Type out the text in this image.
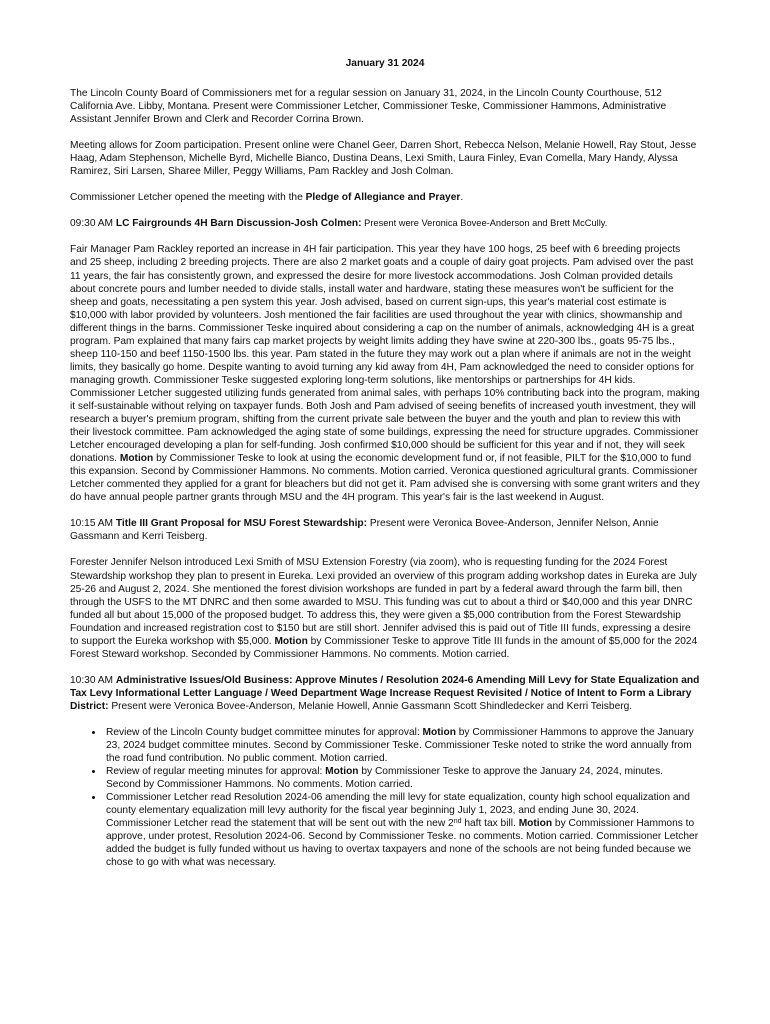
January 31 2024

The Lincoln County Board of Commissioners met for a regular session on January 31, 2024, in the Lincoln County Courthouse, 512 California Ave. Libby, Montana. Present were Commissioner Letcher, Commissioner Teske, Commissioner Hammons, Administrative Assistant Jennifer Brown and Clerk and Recorder Corrina Brown.

Meeting allows for Zoom participation. Present online were Chanel Geer, Darren Short, Rebecca Nelson, Melanie Howell, Ray Stout, Jesse Haag, Adam Stephenson, Michelle Byrd, Michelle Bianco, Dustina Deans, Lexi Smith, Laura Finley, Evan Comella, Mary Handy, Alyssa Ramirez, Siri Larsen, Sharee Miller, Peggy Williams, Pam Rackley and Josh Colman.

Commissioner Letcher opened the meeting with the Pledge of Allegiance and Prayer.

09:30 AM LC Fairgrounds 4H Barn Discussion-Josh Colmen: Present were Veronica Bovee-Anderson and Brett McCully.

Fair Manager Pam Rackley reported an increase in 4H fair participation. This year they have 100 hogs, 25 beef with 6 breeding projects and 25 sheep, including 2 breeding projects. There are also 2 market goats and a couple of dairy goat projects. Pam advised over the past 11 years, the fair has consistently grown, and expressed the desire for more livestock accommodations. Josh Colman provided details about concrete pours and lumber needed to divide stalls, install water and hardware, stating these measures won't be sufficient for the sheep and goats, necessitating a pen system this year. Josh advised, based on current sign-ups, this year's material cost estimate is $10,000 with labor provided by volunteers. Josh mentioned the fair facilities are used throughout the year with clinics, showmanship and different things in the barns. Commissioner Teske inquired about considering a cap on the number of animals, acknowledging 4H is a great program. Pam explained that many fairs cap market projects by weight limits adding they have swine at 220-300 lbs., goats 95-75 lbs., sheep 110-150 and beef 1150-1500 lbs. this year. Pam stated in the future they may work out a plan where if animals are not in the weight limits, they basically go home. Despite wanting to avoid turning any kid away from 4H, Pam acknowledged the need to consider options for managing growth. Commissioner Teske suggested exploring long-term solutions, like mentorships or partnerships for 4H kids. Commissioner Letcher suggested utilizing funds generated from animal sales, with perhaps 10% contributing back into the program, making it self-sustainable without relying on taxpayer funds. Both Josh and Pam advised of seeing benefits of increased youth investment, they will research a buyer's premium program, shifting from the current private sale between the buyer and the youth and plan to review this with their livestock committee. Pam acknowledged the aging state of some buildings, expressing the need for structure upgrades. Commissioner Letcher encouraged developing a plan for self-funding. Josh confirmed $10,000 should be sufficient for this year and if not, they will seek donations. Motion by Commissioner Teske to look at using the economic development fund or, if not feasible, PILT for the $10,000 to fund this expansion. Second by Commissioner Hammons. No comments. Motion carried. Veronica questioned agricultural grants. Commissioner Letcher commented they applied for a grant for bleachers but did not get it. Pam advised she is conversing with some grant writers and they do have annual people partner grants through MSU and the 4H program. This year's fair is the last weekend in August.

10:15 AM Title III Grant Proposal for MSU Forest Stewardship: Present were Veronica Bovee-Anderson, Jennifer Nelson, Annie Gassmann and Kerri Teisberg.

Forester Jennifer Nelson introduced Lexi Smith of MSU Extension Forestry (via zoom), who is requesting funding for the 2024 Forest Stewardship workshop they plan to present in Eureka. Lexi provided an overview of this program adding workshop dates in Eureka are July 25-26 and August 2, 2024. She mentioned the forest division workshops are funded in part by a federal award through the farm bill, then through the USFS to the MT DNRC and then some awarded to MSU. This funding was cut to about a third or $40,000 and this year DNRC funded all but about 15,000 of the proposed budget. To address this, they were given a $5,000 contribution from the Forest Stewardship Foundation and increased registration cost to $150 but are still short. Jennifer advised this is paid out of Title III funds, expressing a desire to support the Eureka workshop with $5,000. Motion by Commissioner Teske to approve Title III funds in the amount of $5,000 for the 2024 Forest Steward workshop. Seconded by Commissioner Hammons. No comments. Motion carried.

10:30 AM Administrative Issues/Old Business: Approve Minutes / Resolution 2024-6 Amending Mill Levy for State Equalization and Tax Levy Informational Letter Language / Weed Department Wage Increase Request Revisited / Notice of Intent to Form a Library District: Present were Veronica Bovee-Anderson, Melanie Howell, Annie Gassmann Scott Shindledecker and Kerri Teisberg.

• Review of the Lincoln County budget committee minutes for approval: Motion by Commissioner Hammons to approve the January 23, 2024 budget committee minutes. Second by Commissioner Teske. Commissioner Teske noted to strike the word annually from the road fund contribution. No public comment. Motion carried.
• Review of regular meeting minutes for approval: Motion by Commissioner Teske to approve the January 24, 2024, minutes. Second by Commissioner Hammons. No comments. Motion carried.
• Commissioner Letcher read Resolution 2024-06 amending the mill levy for state equalization, county high school equalization and county elementary equalization mill levy authority for the fiscal year beginning July 1, 2023, and ending June 30, 2024. Commissioner Letcher read the statement that will be sent out with the new 2nd haft tax bill. Motion by Commissioner Hammons to approve, under protest, Resolution 2024-06. Second by Commissioner Teske. no comments. Motion carried. Commissioner Letcher added the budget is fully funded without us having to overtax taxpayers and none of the schools are not being funded because we chose to go with what was necessary.
